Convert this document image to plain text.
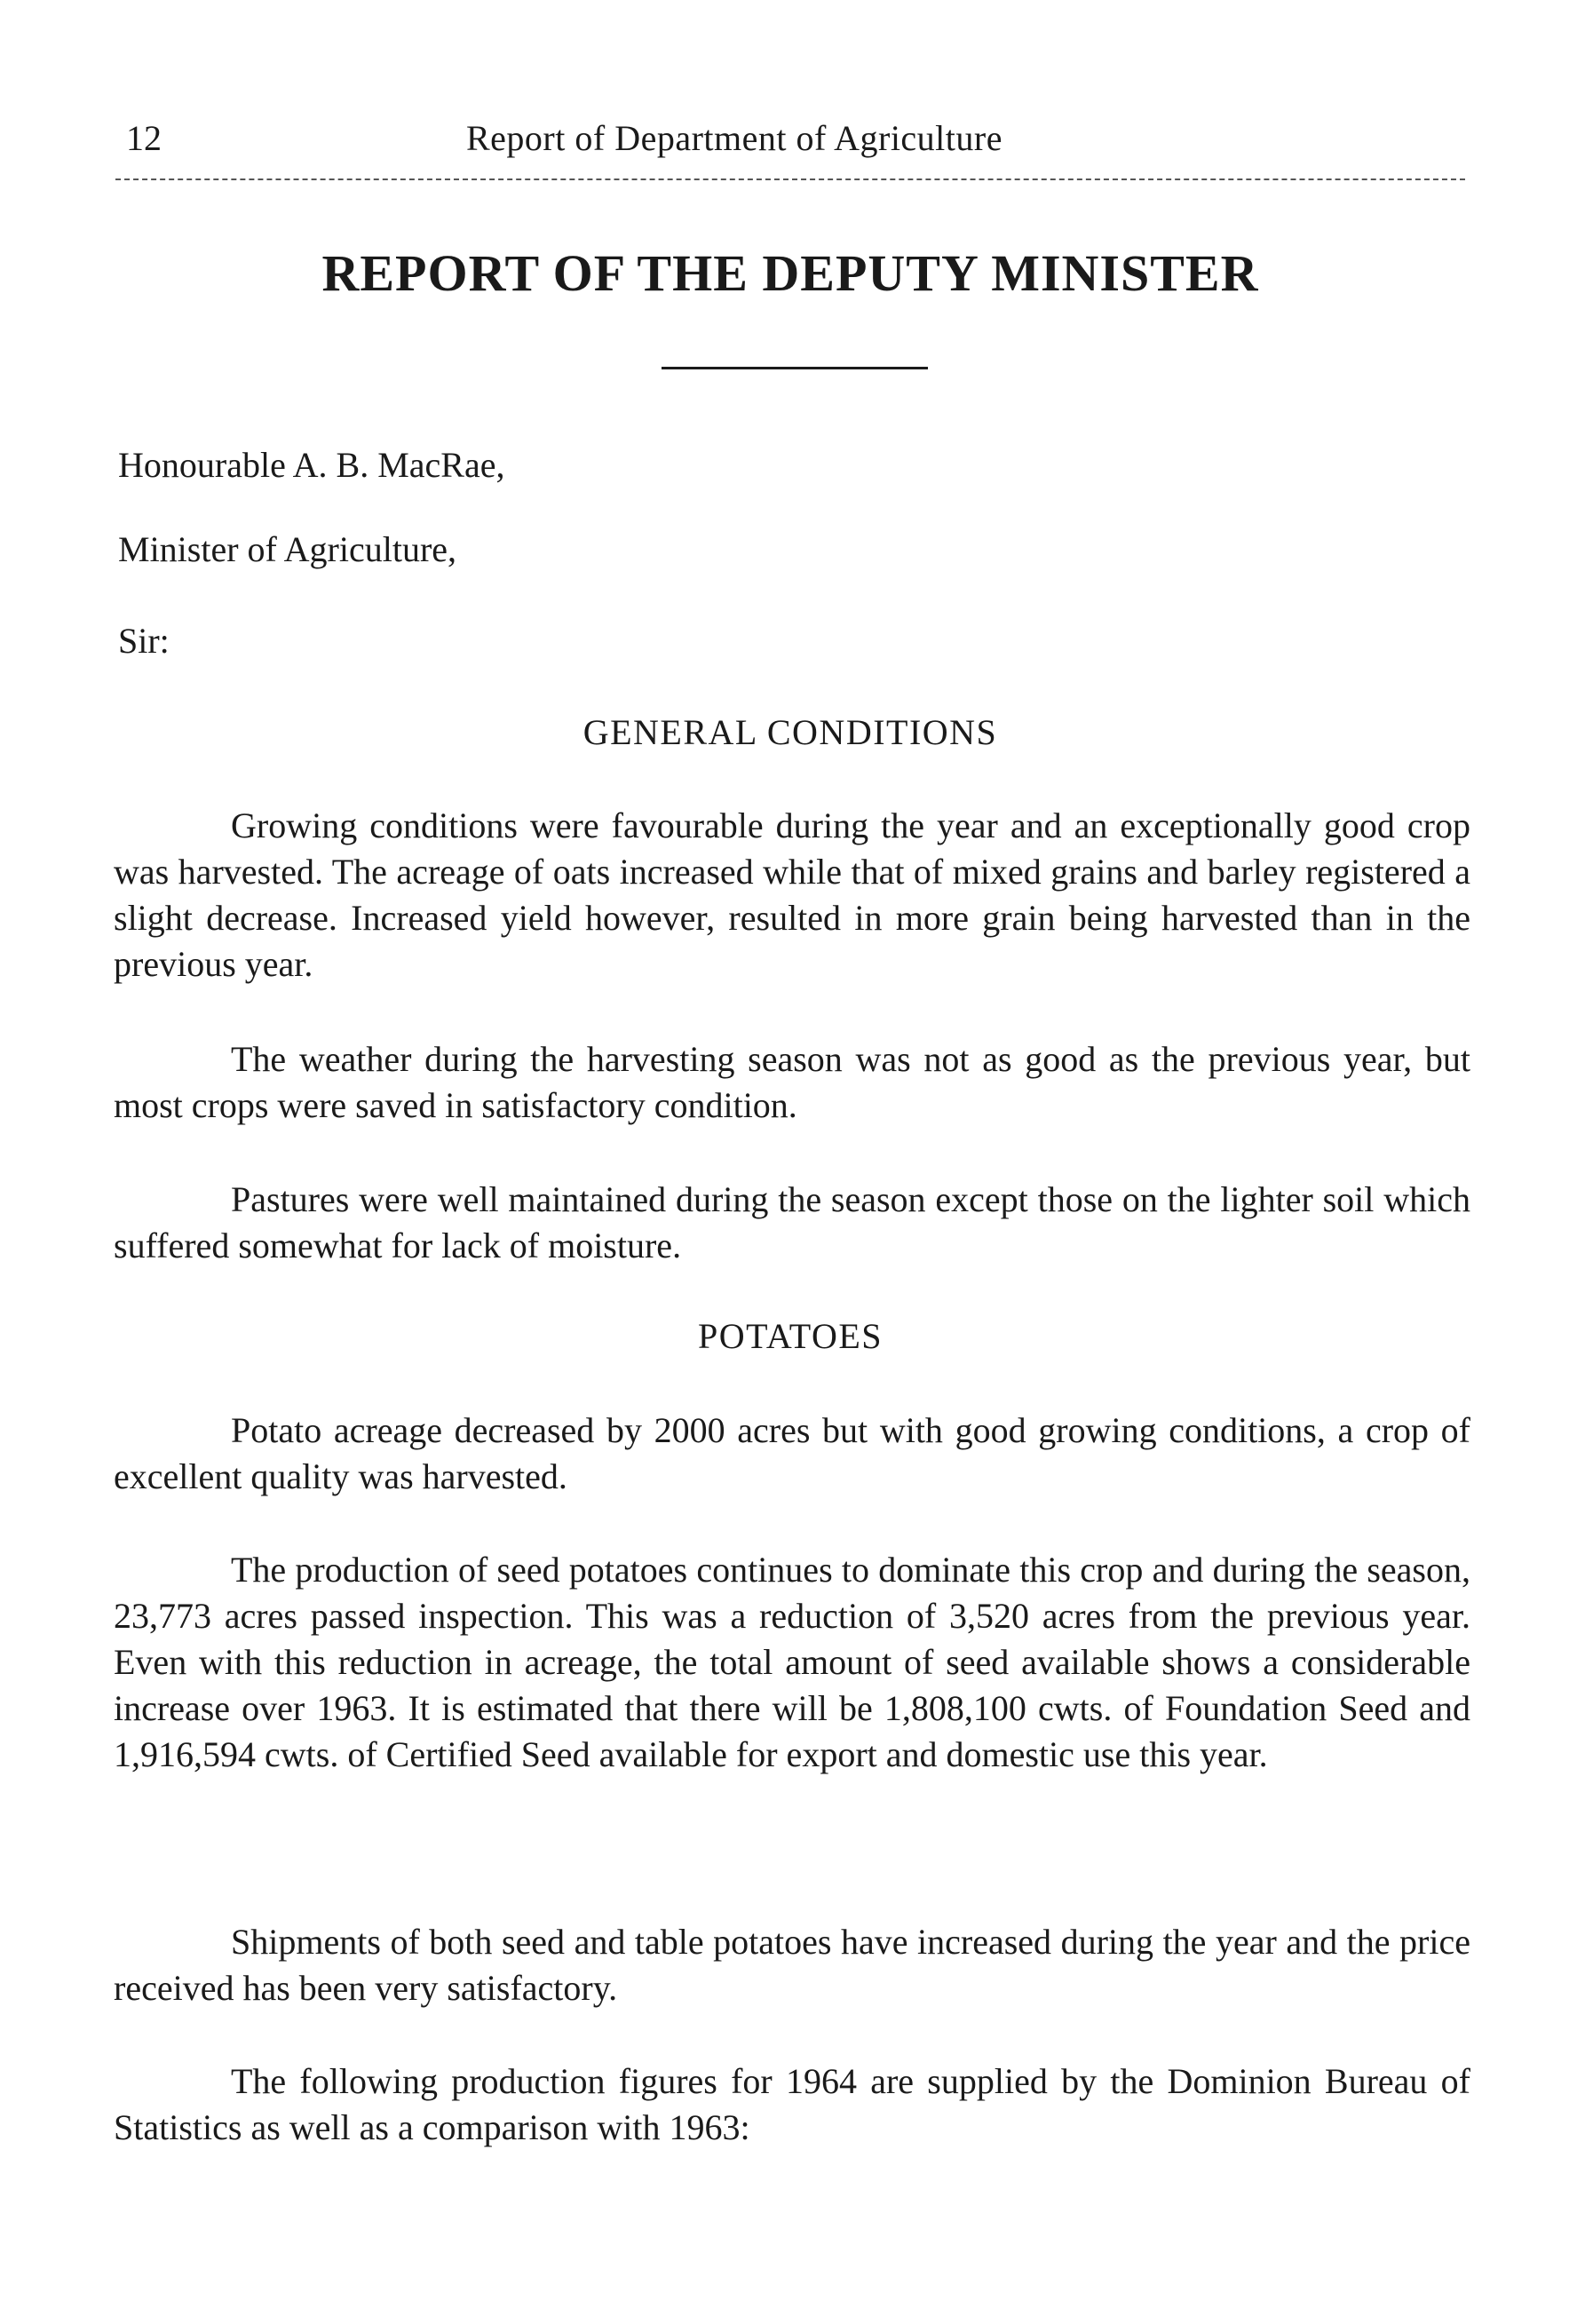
12	Report of Department of Agriculture
REPORT OF THE DEPUTY MINISTER
Honourable A. B. MacRae,
Minister of Agriculture,
Sir:
GENERAL CONDITIONS

Growing conditions were favourable during the year and an exceptionally good crop was harvested. The acreage of oats increased while that of mixed grains and barley registered a slight decrease. Increased yield however, resulted in more grain being harvested than in the previous year.

The weather during the harvesting season was not as good as the previous year, but most crops were saved in satisfactory condition.

Pastures were well maintained during the season except those on the lighter soil which suffered somewhat for lack of moisture.

POTATOES

Potato acreage decreased by 2000 acres but with good growing conditions, a crop of excellent quality was harvested.

The production of seed potatoes continues to dominate this crop and during the season, 23,773 acres passed inspection. This was a reduction of 3,520 acres from the previous year. Even with this reduction in acreage, the total amount of seed available shows a considerable increase over 1963. It is estimated that there will be 1,808,100 cwts. of Foundation Seed and 1,916,594 cwts. of Certified Seed available for export and domestic use this year.

Shipments of both seed and table potatoes have increased during the year and the price received has been very satisfactory.

The following production figures for 1964 are supplied by the Dominion Bureau of Statistics as well as a comparison with 1963:
